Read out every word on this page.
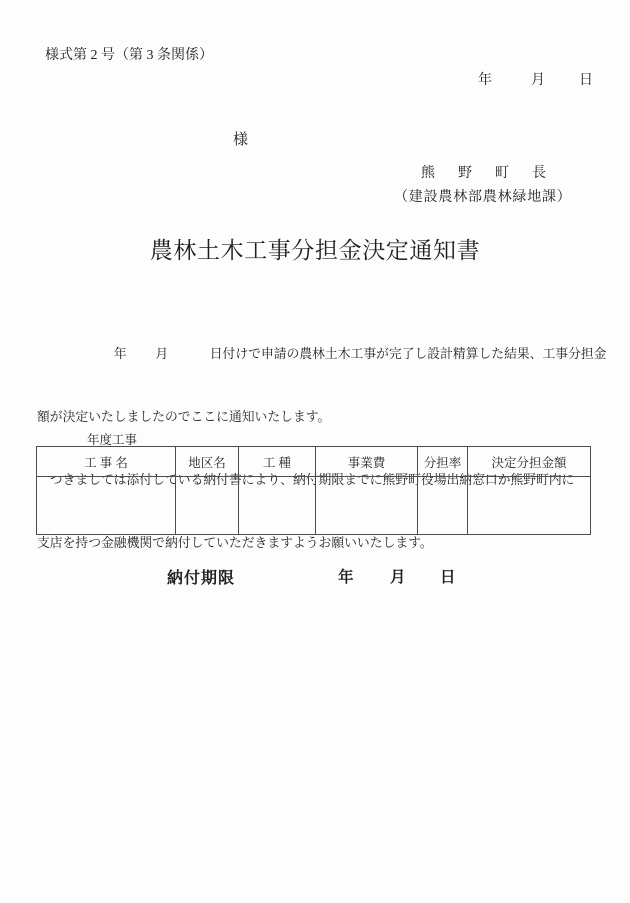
様式第 2 号（第 3 条関係）

年

	月

日

様
熊　野　町　長
（建設農林部農林緑地課）
農林土木工事分担金決定通知書

　　　　　　年　　 月　　　 日付けで申請の農林土木工事が完了し設計精算した結果、工事分担金

額が決定いたしましたのでここに通知いたします。

　つきましては添付している納付書により、納付期限までに熊野町役場出納窓口か熊野町内に

支店を持つ金融機関で納付していただきますようお願いいたします。

年度工事
工 事 名	地区名	工 種	事業費	分担率	決定分担金額

納付期限

	年

月

日
